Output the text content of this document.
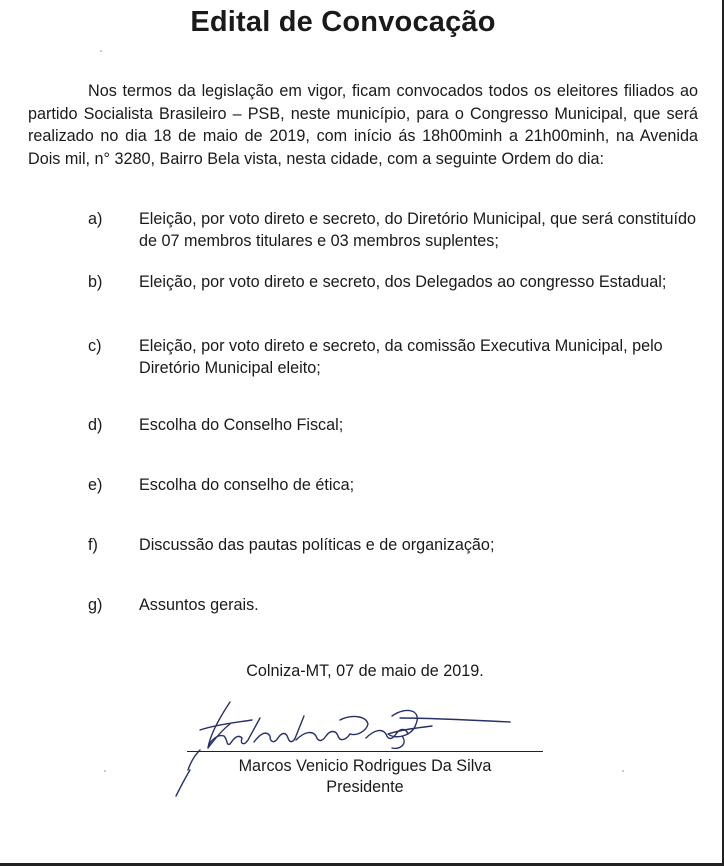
Edital de Convocação

Nos termos da legislação em vigor, ficam convocados todos os eleitores filiados ao partido Socialista Brasileiro – PSB, neste município, para o Congresso Municipal, que será realizado no dia 18 de maio de 2019, com início ás 18h00minh a 21h00minh, na Avenida Dois mil, n° 3280, Bairro Bela vista, nesta cidade, com a seguinte Ordem do dia:

a) Eleição, por voto direto e secreto, do Diretório Municipal, que será constituído de 07 membros titulares e 03 membros suplentes;
b) Eleição, por voto direto e secreto, dos Delegados ao congresso Estadual;
c) Eleição, por voto direto e secreto, da comissão Executiva Municipal, pelo Diretório Municipal eleito;
d) Escolha do Conselho Fiscal;
e) Escolha do conselho de ética;
f)	Discussão das pautas políticas e de organização;
g) Assuntos gerais.
Colniza-MT, 07 de maio de 2019.
Marcos Venicio Rodrigues Da Silva
Presidente
